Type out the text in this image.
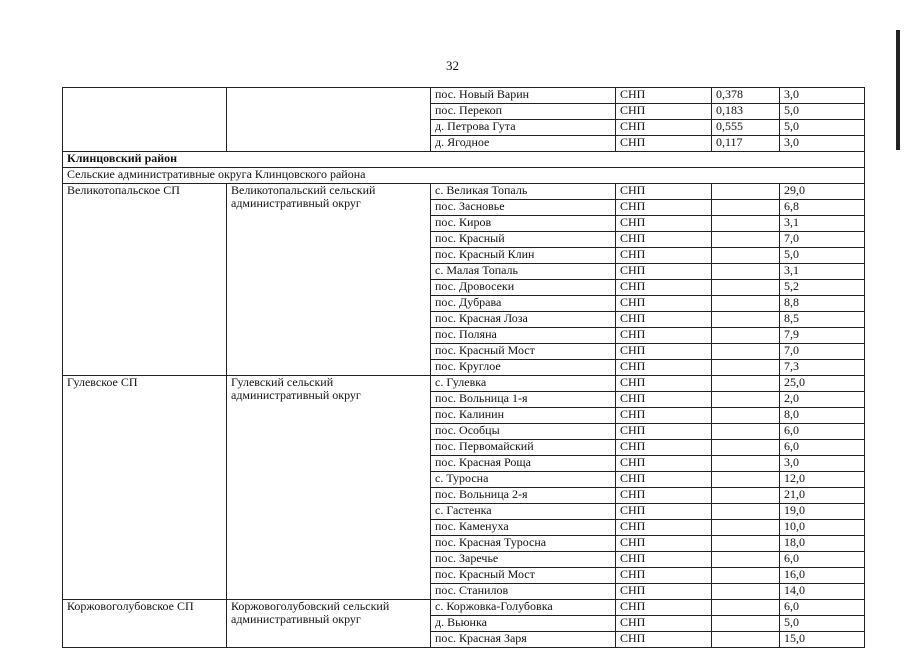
32
		пос. Новый Варин	СНП	0,378	3,0
		пос. Перекоп	СНП	0,183	5,0
		д. Петрова Гута	СНП	0,555	5,0
		д. Ягодное	СНП	0,117	3,0
Клинцовский район					
Сельские административные округа Клинцовского района					
Великотопальское СП	Великотопальский сельский административный округ	с. Великая Топаль	СНП		29,0
		пос. Засновье	СНП		6,8
		пос. Киров	СНП		3,1
		пос. Красный	СНП		7,0
		пос. Красный Клин	СНП		5,0
		с. Малая Топаль	СНП		3,1
		пос. Дровосеки	СНП		5,2
		пос. Дубрава	СНП		8,8
		пос. Красная Лоза	СНП		8,5
		пос. Поляна	СНП		7,9
		пос. Красный Мост	СНП		7,0
		пос. Круглое	СНП		7,3
Гулевское СП	Гулевский сельский административный округ	с. Гулевка	СНП		25,0
		пос. Вольница 1-я	СНП		2,0
		пос. Калинин	СНП		8,0
		пос. Особцы	СНП		6,0
		пос. Первомайский	СНП		6,0
		пос. Красная Роща	СНП		3,0
		с. Туросна	СНП		12,0
		пос. Вольница 2-я	СНП		21,0
		с. Гастенка	СНП		19,0
		пос. Каменуха	СНП		10,0
		пос. Красная Туросна	СНП		18,0
		пос. Заречье	СНП		6,0
		пос. Красный Мост	СНП		16,0
		пос. Станилов	СНП		14,0
Коржовоголубовское СП	Коржовоголубовский сельский административный округ	с. Коржовка-Голубовка	СНП		6,0
		д. Вьюнка	СНП		5,0
		пос. Красная Заря	СНП		15,0
